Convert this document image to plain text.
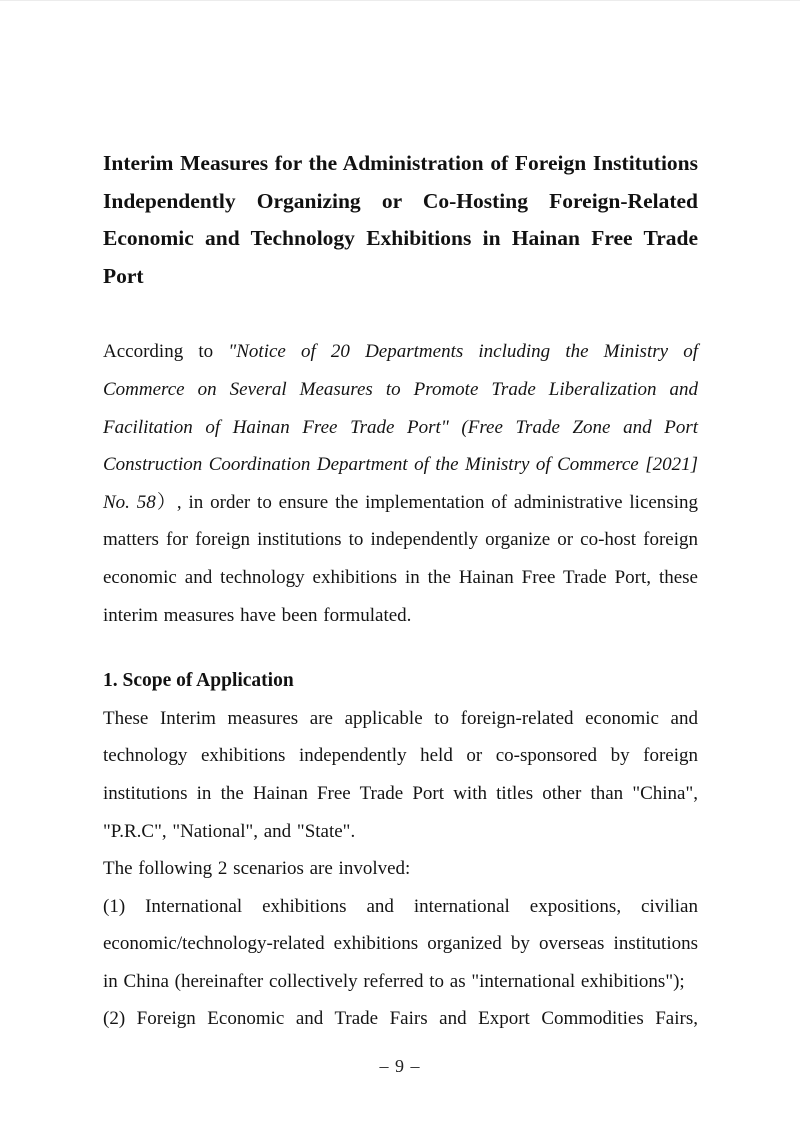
Interim Measures for the Administration of Foreign Institutions Independently Organizing or Co-Hosting Foreign-Related Economic and Technology Exhibitions in Hainan Free Trade Port

According to "Notice of 20 Departments including the Ministry of Commerce on Several Measures to Promote Trade Liberalization and Facilitation of Hainan Free Trade Port" (Free Trade Zone and Port Construction Coordination Department of the Ministry of Commerce [2021] No. 58）, in order to ensure the implementation of administrative licensing matters for foreign institutions to independently organize or co-host foreign economic and technology exhibitions in the Hainan Free Trade Port, these interim measures have been formulated.

1. Scope of Application

These Interim measures are applicable to foreign-related economic and technology exhibitions independently held or co-sponsored by foreign institutions in the Hainan Free Trade Port with titles other than "China", "P.R.C", "National", and "State".

The following 2 scenarios are involved:

(1) International exhibitions and international expositions, civilian economic/technology-related exhibitions organized by overseas institutions in China (hereinafter collectively referred to as "international exhibitions");

(2) Foreign Economic and Trade Fairs and Export Commodities Fairs,

– 9 –
